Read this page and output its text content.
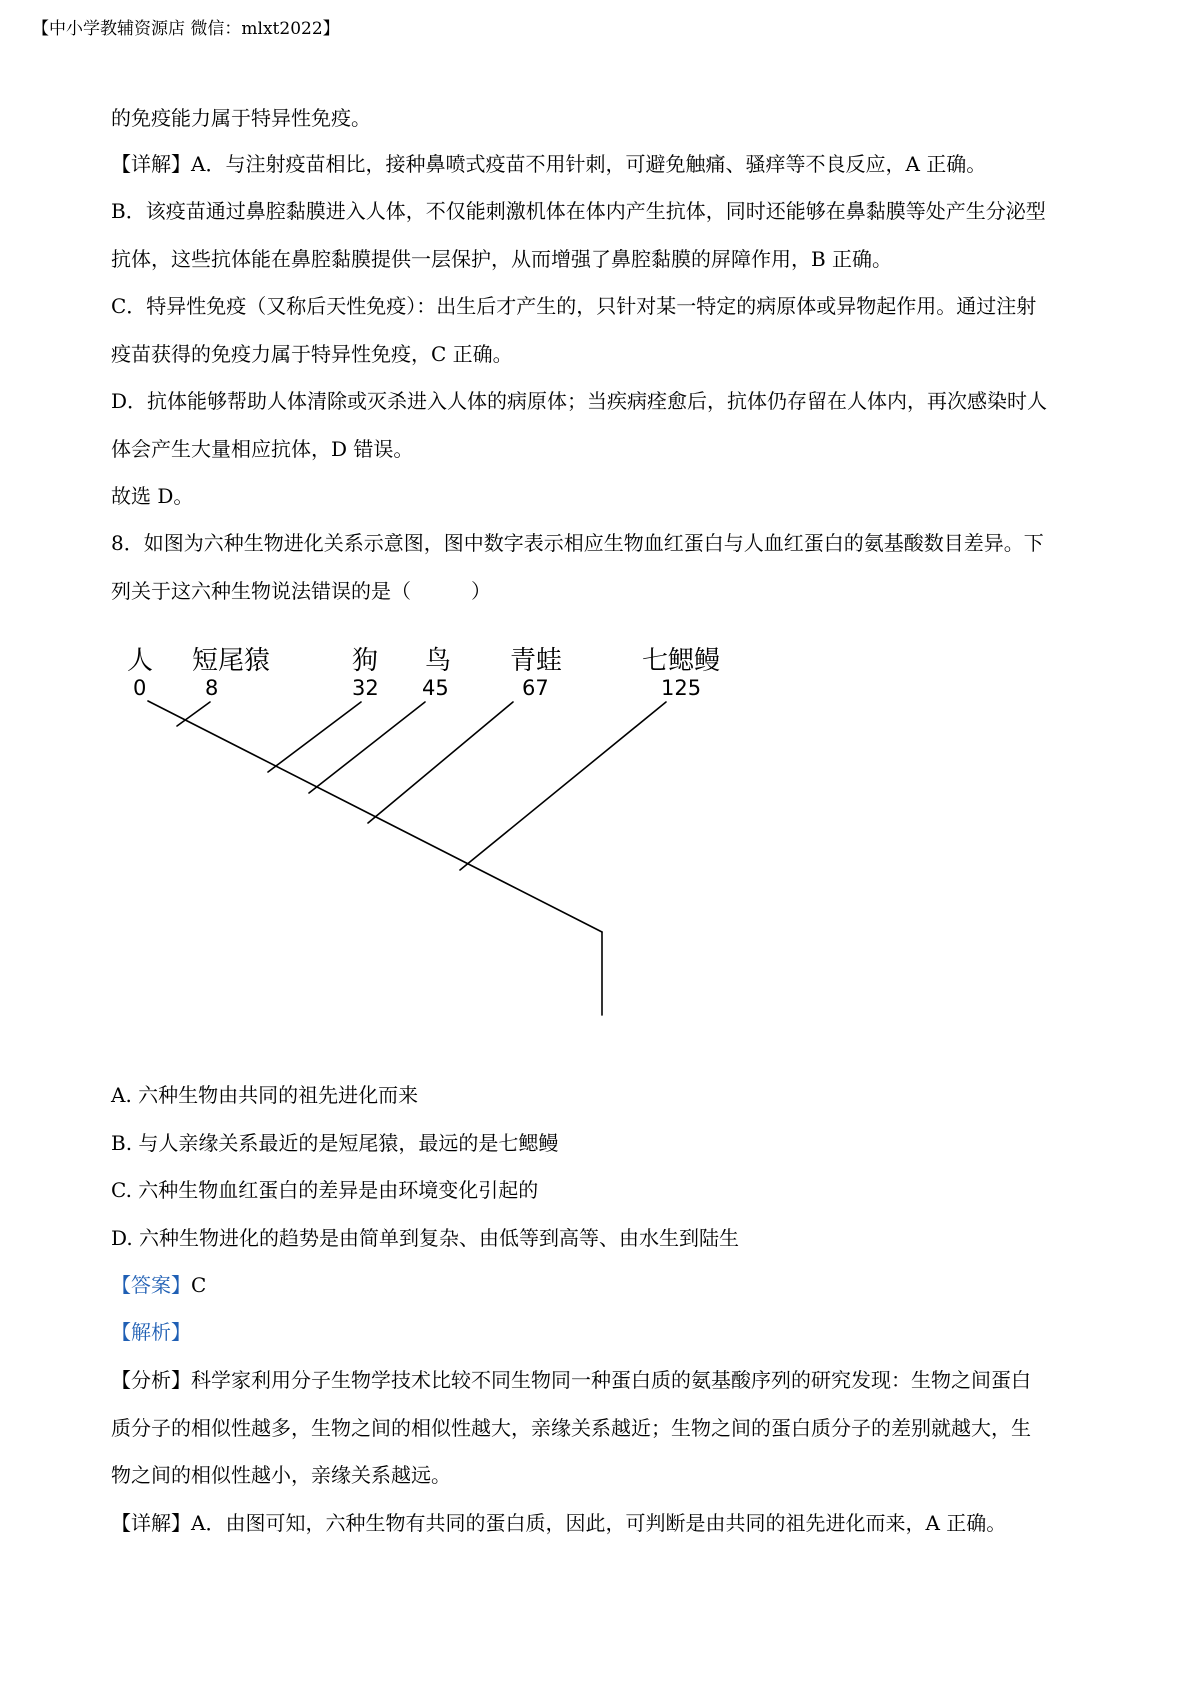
【中小学教辅资源店 微信：mlxt2022】
的免疫能力属于特异性免疫。
【详解】A．与注射疫苗相比，接种鼻喷式疫苗不用针刺，可避免触痛、骚痒等不良反应，A 正确。
B．该疫苗通过鼻腔黏膜进入人体，不仅能刺激机体在体内产生抗体，同时还能够在鼻黏膜等处产生分泌型
抗体，这些抗体能在鼻腔黏膜提供一层保护，从而增强了鼻腔黏膜的屏障作用，B 正确。
C．特异性免疫（又称后天性免疫）：出生后才产生的，只针对某一特定的病原体或异物起作用。通过注射
疫苗获得的免疫力属于特异性免疫，C 正确。
D．抗体能够帮助人体清除或灭杀进入人体的病原体；当疾病痊愈后，抗体仍存留在人体内，再次感染时人
体会产生大量相应抗体，D 错误。
故选 D。
8．如图为六种生物进化关系示意图，图中数字表示相应生物血红蛋白与人血红蛋白的氨基酸数目差异。下
列关于这六种生物说法错误的是（　　　）
人 短尾猿	狗 鸟 青蛙	七鳃鳗
0	8	32 45	67	125
A. 六种生物由共同的祖先进化而来
B. 与人亲缘关系最近的是短尾猿，最远的是七鳃鳗
C. 六种生物血红蛋白的差异是由环境变化引起的
D. 六种生物进化的趋势是由简单到复杂、由低等到高等、由水生到陆生
【答案】C
【解析】
【分析】科学家利用分子生物学技术比较不同生物同一种蛋白质的氨基酸序列的研究发现：生物之间蛋白
质分子的相似性越多，生物之间的相似性越大，亲缘关系越近；生物之间的蛋白质分子的差别就越大，生
物之间的相似性越小，亲缘关系越远。
【详解】A．由图可知，六种生物有共同的蛋白质，因此，可判断是由共同的祖先进化而来，A 正确。
